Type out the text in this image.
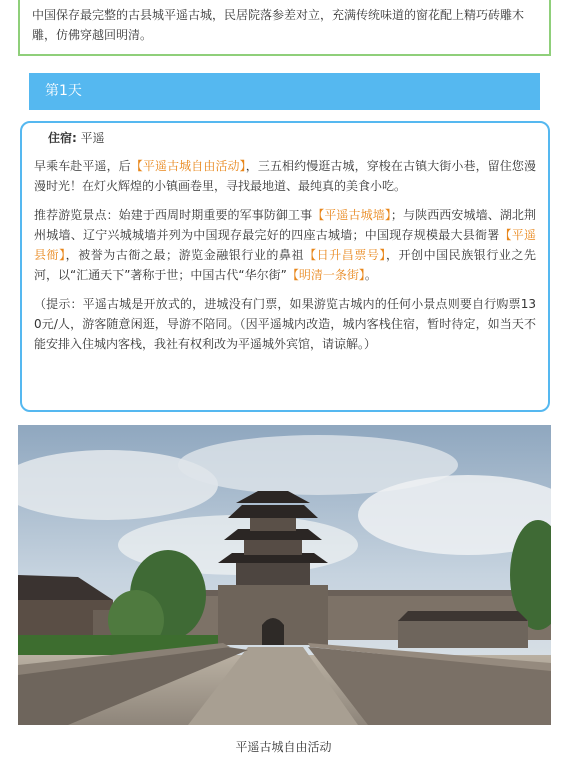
中国保存最完整的古县城平遥古城，民居院落参差对立，充满传统味道的窗花配上精巧砖雕木雕，仿佛穿越回明清。
第1天
住宿: 平遥

早乘车赴平遥，后【平遥古城自由活动】，三五相约慢逛古城，穿梭在古镇大街小巷，留住您漫漫时光！在灯火辉煌的小镇画卷里，寻找最地道、最纯真的美食小吃。

推荐游览景点：始建于西周时期重要的军事防御工事【平遥古城墙】；与陕西西安城墙、湖北荆州城墙、辽宁兴城城墙并列为中国现存最完好的四座古城墙；中国现存规模最大县衙署【平遥县衙】，被誉为古衙之最；游览金融银行业的鼻祖【日升昌票号】，开创中国民族银行业之先河，以“汇通天下”著称于世；中国古代“华尔街”【明清一条街】。

（提示：平遥古城是开放式的，进城没有门票，如果游览古城内的任何小景点则要自行购票130元/人，游客随意闲逛，导游不陪同。（因平遥城内改造，城内客栈住宿，暂时待定，如当天不能安排入住城内客栈，我社有权利改为平遥城外宾馆，请谅解。）

平遥古城自由活动
